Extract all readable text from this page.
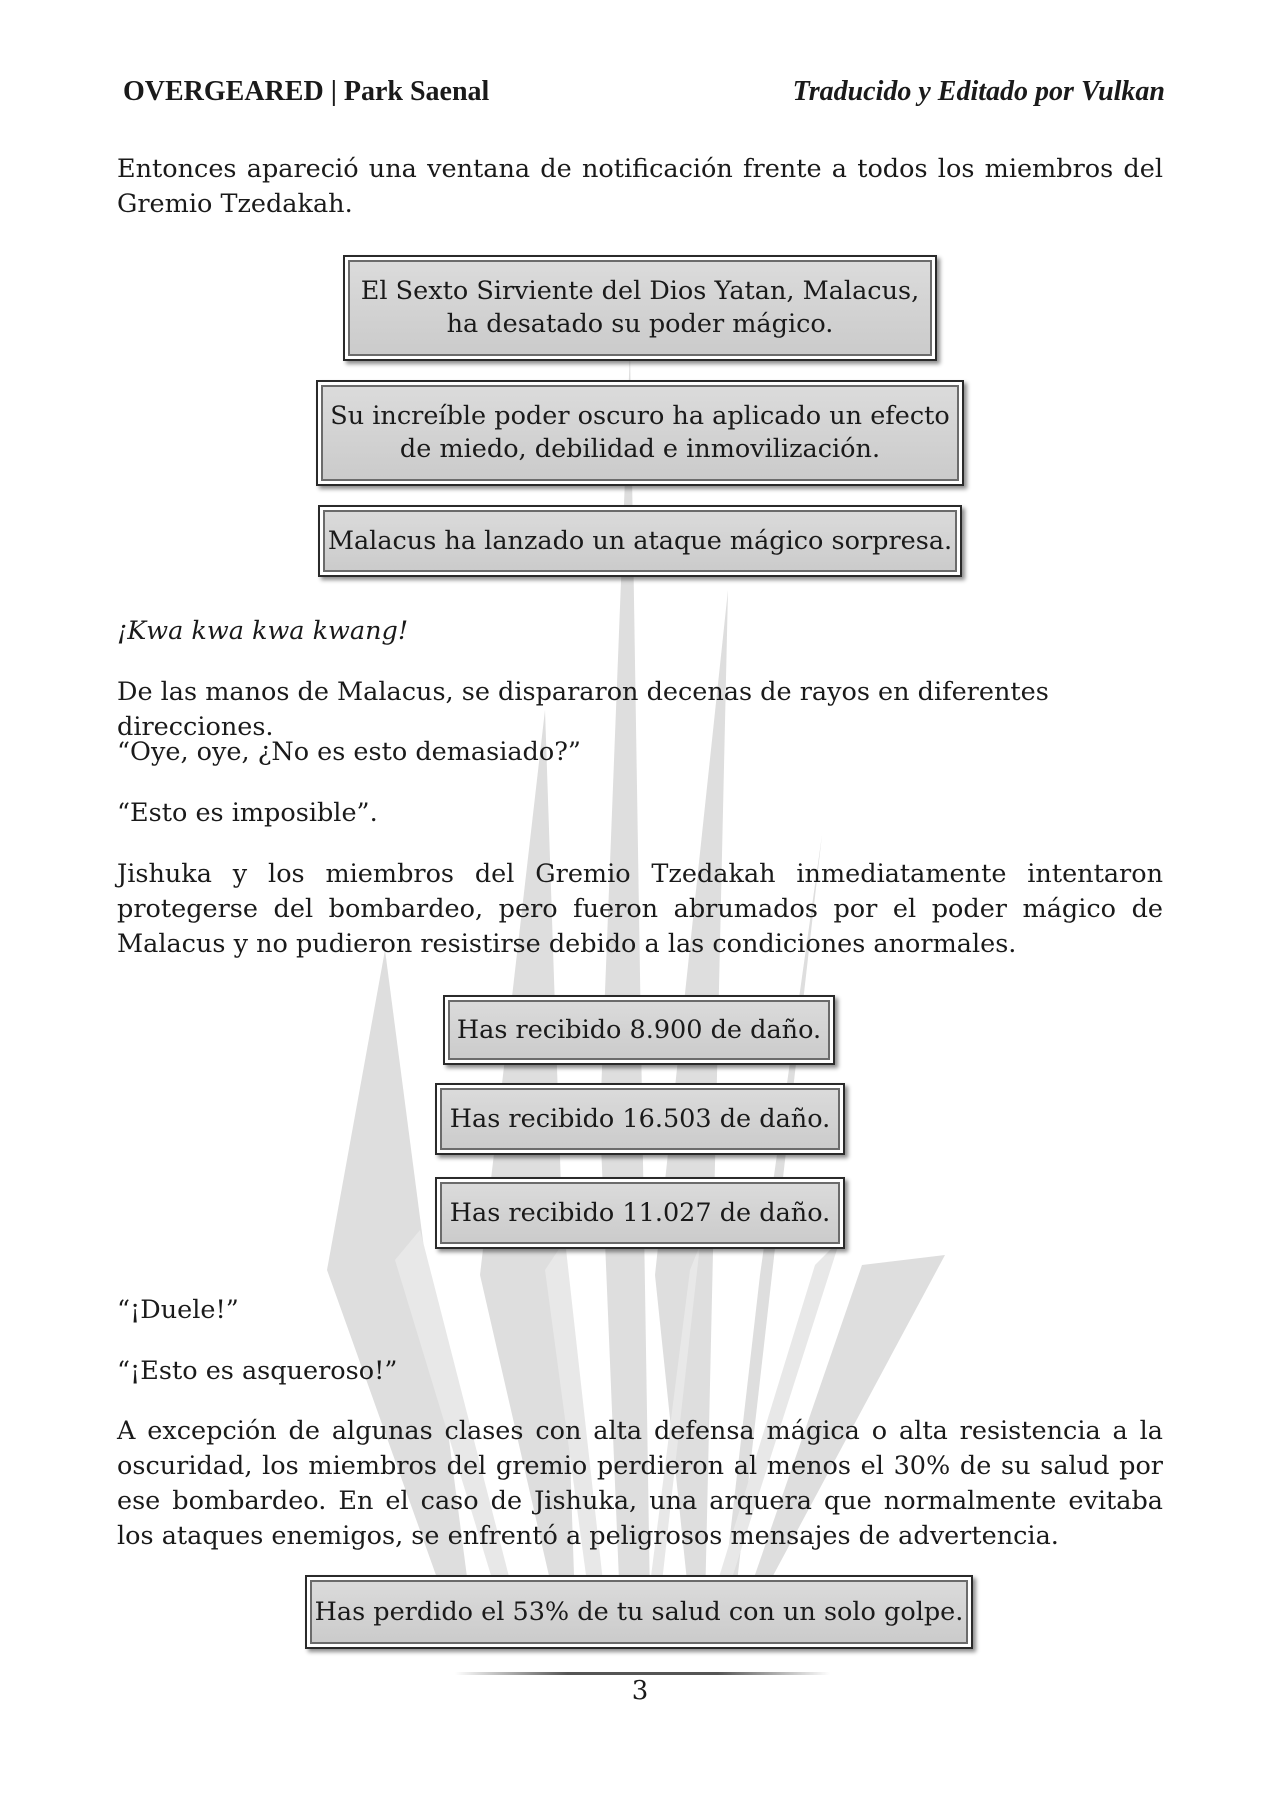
OVERGEARED | Park Saenal	Traducido y Editado por Vulkan

Entonces apareció una ventana de notificación frente a todos los miembros del Gremio Tzedakah.

El Sexto Sirviente del Dios Yatan, Malacus,
ha desatado su poder mágico.
Su increíble poder oscuro ha aplicado un efecto
de miedo, debilidad e inmovilización.
Malacus ha lanzado un ataque mágico sorpresa.

¡Kwa kwa kwa kwang!

De las manos de Malacus, se dispararon decenas de rayos en diferentes direcciones.

“Oye, oye, ¿No es esto demasiado?”

“Esto es imposible”.

Jishuka y los miembros del Gremio Tzedakah inmediatamente intentaron protegerse del bombardeo, pero fueron abrumados por el poder mágico de Malacus y no pudieron resistirse debido a las condiciones anormales.

Has recibido 8.900 de daño.
Has recibido 16.503 de daño.
Has recibido 11.027 de daño.

“¡Duele!”

“¡Esto es asqueroso!”

A excepción de algunas clases con alta defensa mágica o alta resistencia a la oscuridad, los miembros del gremio perdieron al menos el 30% de su salud por ese bombardeo. En el caso de Jishuka, una arquera que normalmente evitaba los ataques enemigos, se enfrentó a peligrosos mensajes de advertencia.

Has perdido el 53% de tu salud con un solo golpe.
3
